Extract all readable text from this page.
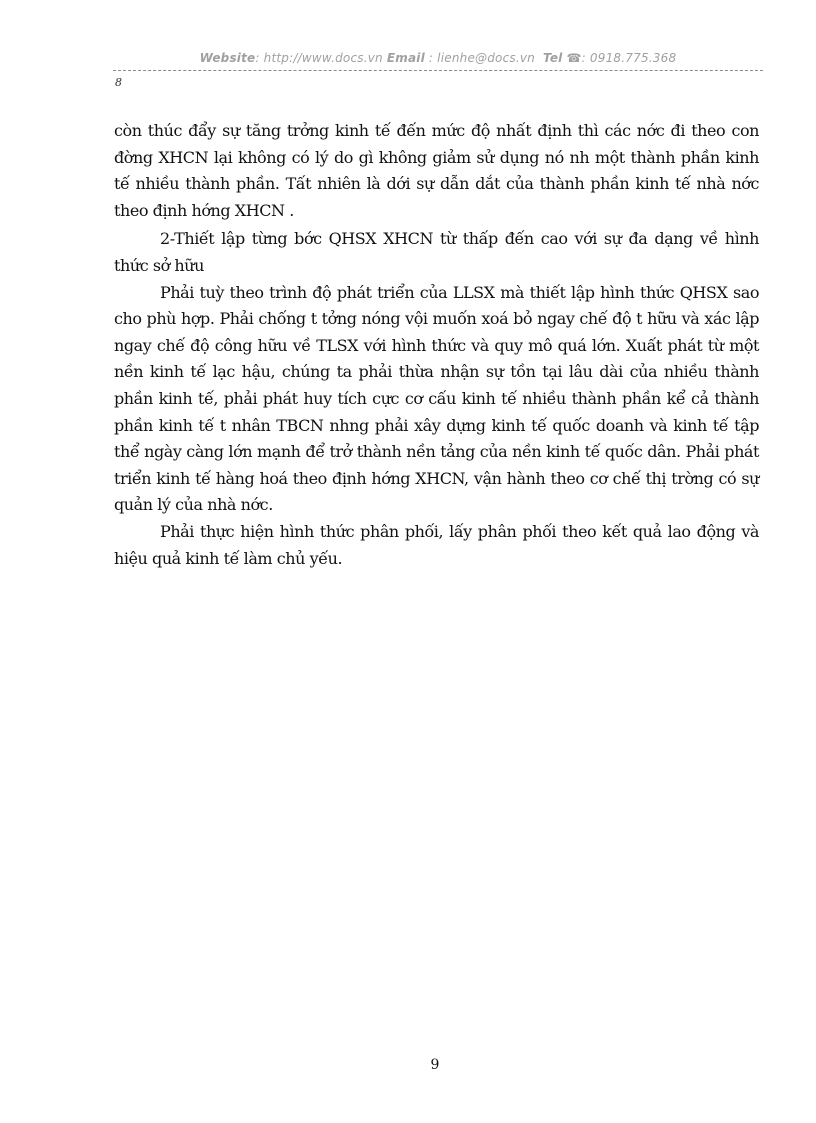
Website: http://www.docs.vn Email : lienhe@docs.vn Tel ☎: 0918.775.368
8

còn thúc đẩy sự tăng trởng kinh tế đến mức độ nhất định thì các nớc đi theo con đờng XHCN lại không có lý do gì không giảm sử dụng nó nh một thành phần kinh tế nhiều thành phần. Tất nhiên là dới sự dẫn dắt của thành phần kinh tế nhà nớc theo định hớng XHCN .

2-Thiết lập từng bớc QHSX XHCN từ thấp đến cao với sự đa dạng về hình thức sở hữu

Phải tuỳ theo trình độ phát triển của LLSX mà thiết lập hình thức QHSX sao cho phù hợp. Phải chống t tởng nóng vội muốn xoá bỏ ngay chế độ t hữu và xác lập ngay chế độ công hữu về TLSX với hình thức và quy mô quá lớn. Xuất phát từ một nền kinh tế lạc hậu, chúng ta phải thừa nhận sự tồn tại lâu dài của nhiều thành phần kinh tế, phải phát huy tích cực cơ cấu kinh tế nhiều thành phần kể cả thành phần kinh tế t nhân TBCN nhng phải xây dựng kinh tế quốc doanh và kinh tế tập thể ngày càng lớn mạnh để trở thành nền tảng của nền kinh tế quốc dân. Phải phát triển kinh tế hàng hoá theo định hớng XHCN, vận hành theo cơ chế thị trờng có sự quản lý của nhà nớc.

Phải thực hiện hình thức phân phối, lấy phân phối theo kết quả lao động và hiệu quả kinh tế làm chủ yếu.

9
